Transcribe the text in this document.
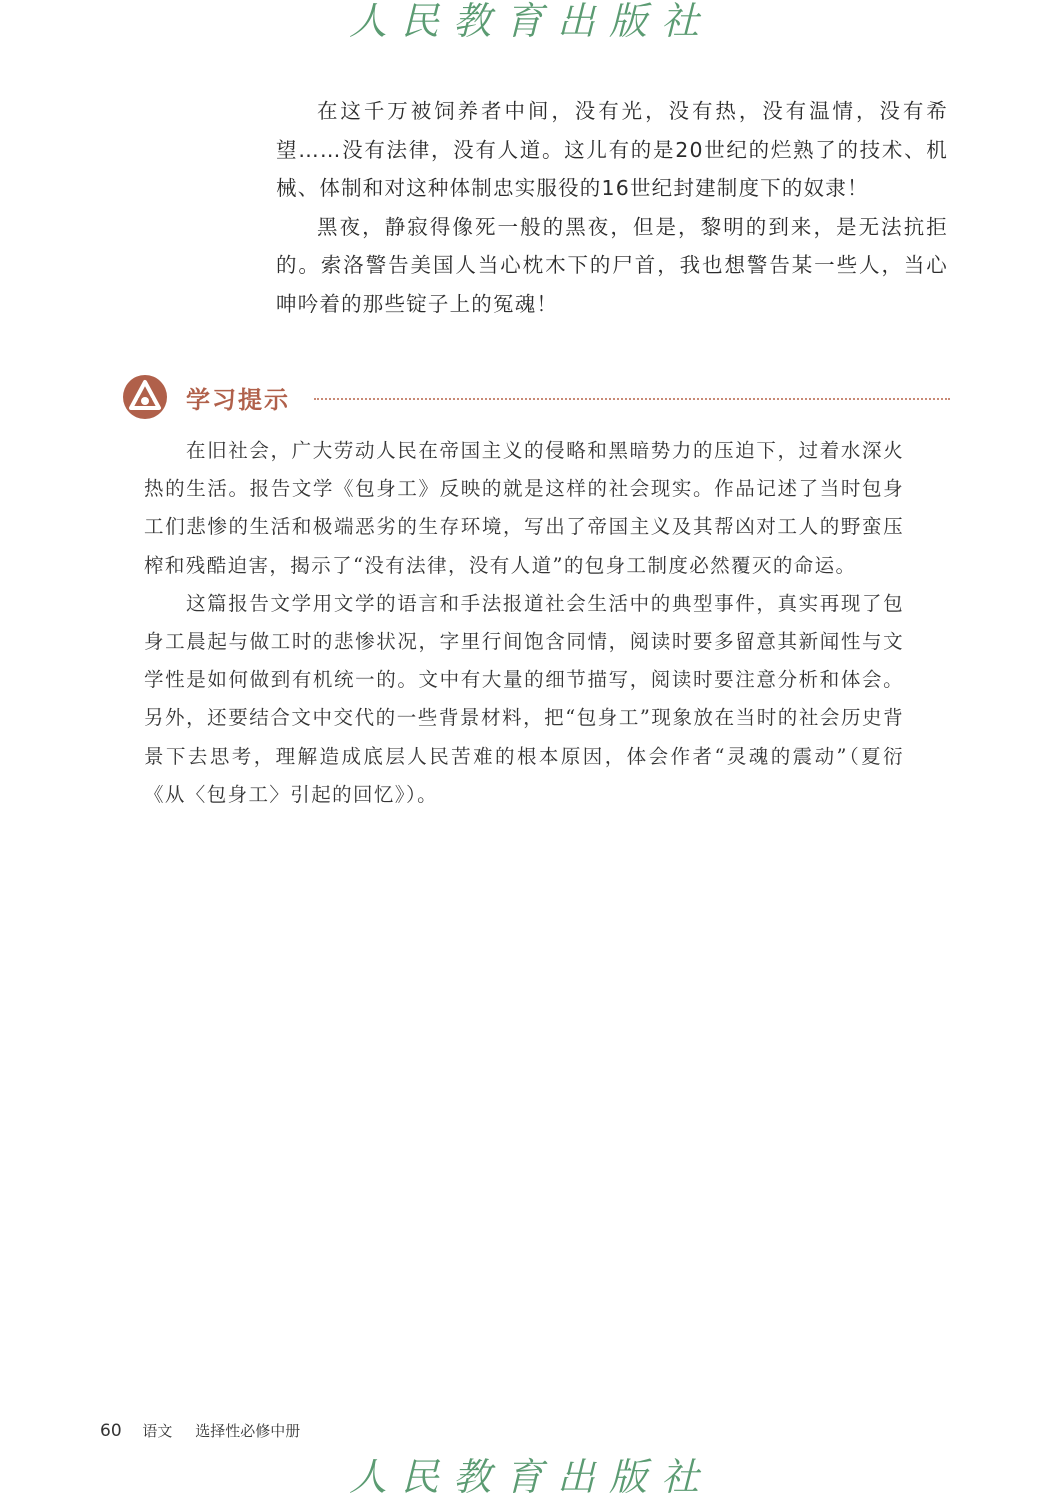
人民教育出版社

在这千万被饲养者中间，没有光，没有热，没有温情，没有希望……没有法律，没有人道。这儿有的是20世纪的烂熟了的技术、机械、体制和对这种体制忠实服役的16世纪封建制度下的奴隶！

黑夜，静寂得像死一般的黑夜，但是，黎明的到来，是无法抗拒的。索洛警告美国人当心枕木下的尸首，我也想警告某一些人，当心呻吟着的那些锭子上的冤魂！

学习提示

在旧社会，广大劳动人民在帝国主义的侵略和黑暗势力的压迫下，过着水深火热的生活。报告文学《包身工》反映的就是这样的社会现实。作品记述了当时包身工们悲惨的生活和极端恶劣的生存环境，写出了帝国主义及其帮凶对工人的野蛮压榨和残酷迫害，揭示了“没有法律，没有人道”的包身工制度必然覆灭的命运。

这篇报告文学用文学的语言和手法报道社会生活中的典型事件，真实再现了包身工晨起与做工时的悲惨状况，字里行间饱含同情，阅读时要多留意其新闻性与文学性是如何做到有机统一的。文中有大量的细节描写，阅读时要注意分析和体会。另外，还要结合文中交代的一些背景材料，把“包身工”现象放在当时的社会历史背景下去思考，理解造成底层人民苦难的根本原因，体会作者“灵魂的震动”（夏衍《从〈包身工〉引起的回忆》）。

60 语文 选择性必修中册
人民教育出版社
